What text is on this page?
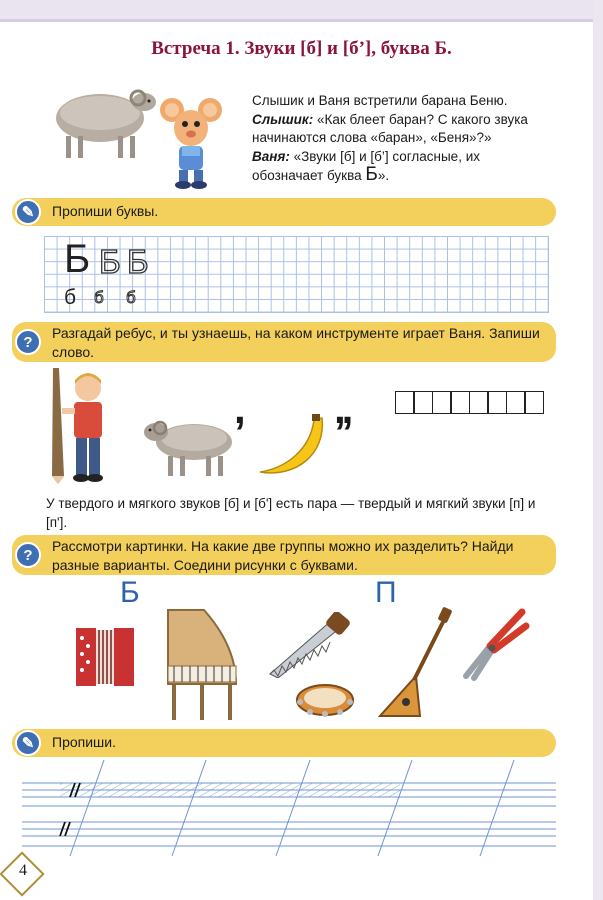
Встреча 1. Звуки [б] и [б’], буква Б.
Слышик и Ваня встретили барана Беню.
Слышик: «Как блеет баран? С какого звука начинаются слова «баран», «Беня»?»
Ваня: «Звуки [б] и [б’] согласные, их обозначает буква Б».
✎	Пропиши буквы.
Б Б Б
б б б
?
Разгадай ребус, и ты узнаешь, на каком инструменте играет Ваня. Запиши слово.
, ,,
У твердого и мягкого звуков [б] и [б'] есть пара — твердый и мягкий звуки [п] и [п'].
?
Рассмотри картинки. На какие две группы можно их разделить? Найди разные варианты. Соедини рисунки с буквами.
Б	П
✎	Пропиши.
4
